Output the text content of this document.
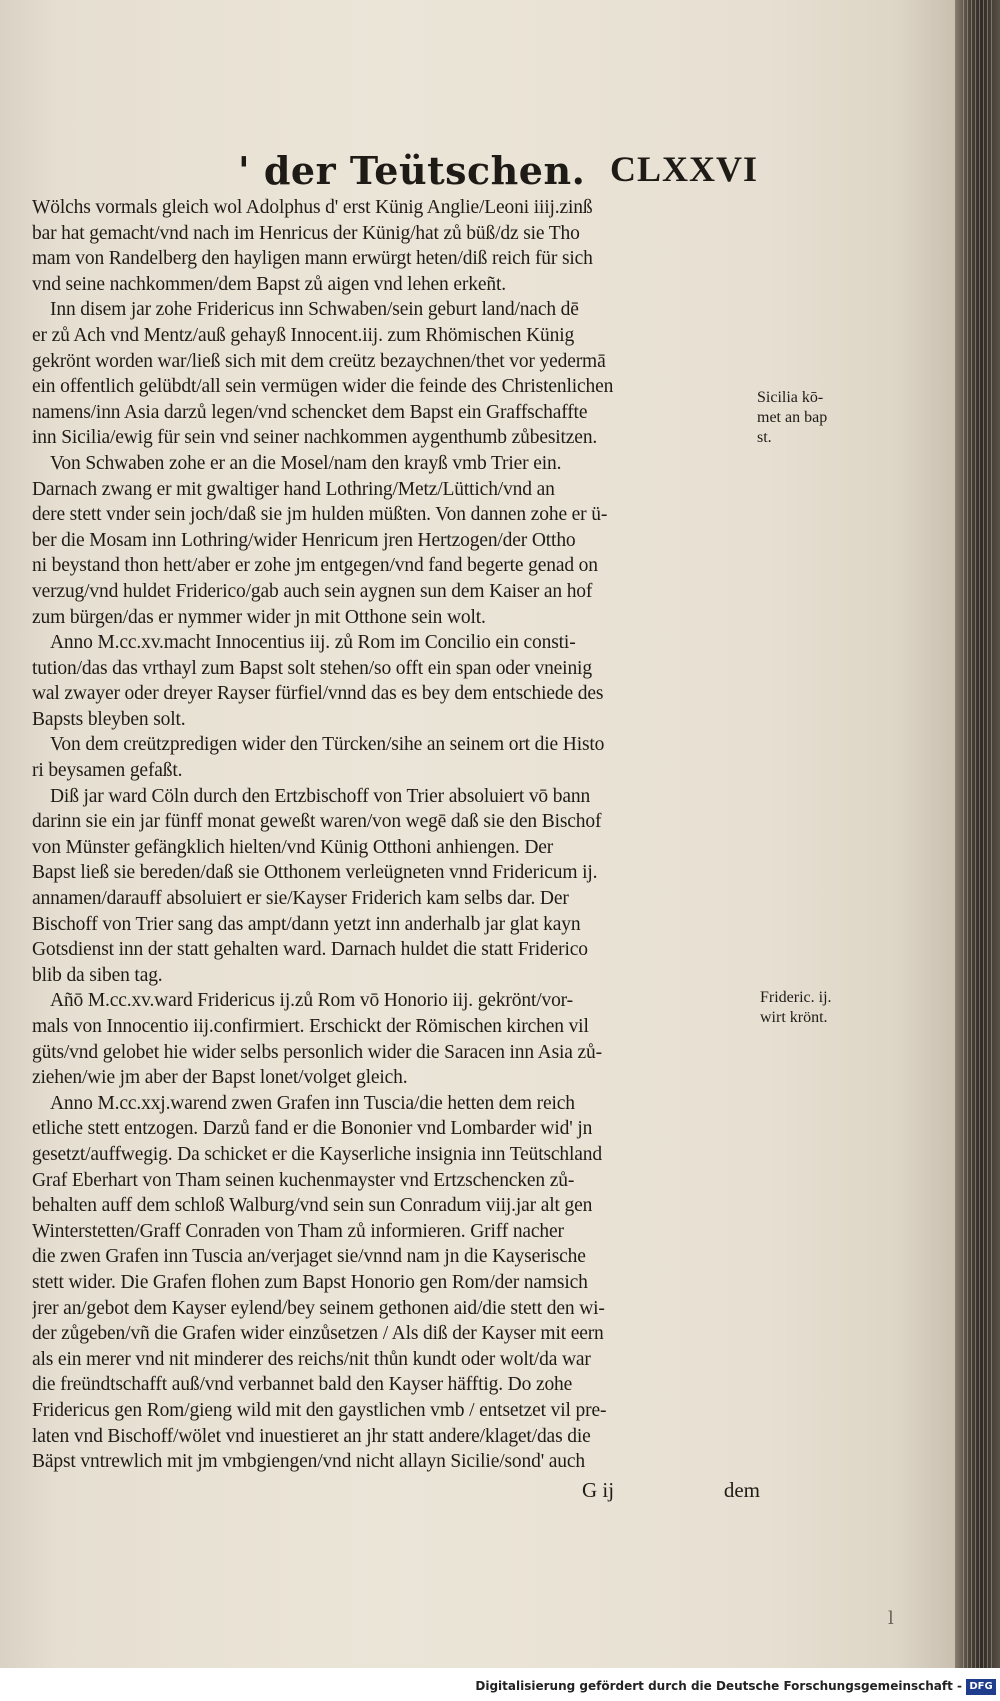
' der Teütschen. CLXXVI
Wölchs vormals gleich wol Adolphus d' erst Künig Anglie/Leoni iiij.zinß
bar hat gemacht/vnd nach im Henricus der Künig/hat zů büß/dz sie Tho
mam von Randelberg den hayligen mann erwürgt heten/diß reich für sich
vnd seine nachkommen/dem Bapst zů aigen vnd lehen erkeñt.
Inn disem jar zohe Fridericus inn Schwaben/sein geburt land/nach dē
er zů Ach vnd Mentz/auß gehayß Innocent.iij. zum Rhömischen Künig
gekrönt worden war/ließ sich mit dem creütz bezaychnen/thet vor yedermā
ein offentlich gelübdt/all sein vermügen wider die feinde des Christenlichen
namens/inn Asia darzů legen/vnd schencket dem Bapst ein Graffschaffte
inn Sicilia/ewig für sein vnd seiner nachkommen aygenthumb zůbesitzen.
Von Schwaben zohe er an die Mosel/nam den krayß vmb Trier ein.
Darnach zwang er mit gwaltiger hand Lothring/Metz/Lüttich/vnd an
dere stett vnder sein joch/daß sie jm hulden müßten. Von dannen zohe er ü-
ber die Mosam inn Lothring/wider Henricum jren Hertzogen/der Ottho
ni beystand thon hett/aber er zohe jm entgegen/vnd fand begerte genad on
verzug/vnd huldet Friderico/gab auch sein aygnen sun dem Kaiser an hof
zum bürgen/das er nymmer wider jn mit Otthone sein wolt.
Anno M.cc.xv.macht Innocentius iij. zů Rom im Concilio ein consti-
tution/das das vrthayl zum Bapst solt stehen/so offt ein span oder vneinig
wal zwayer oder dreyer Rayser fürfiel/vnnd das es bey dem entschiede des
Bapsts bleyben solt.
Von dem creützpredigen wider den Türcken/sihe an seinem ort die Histo
ri beysamen gefaßt.
Diß jar ward Cöln durch den Ertzbischoff von Trier absoluiert vō bann
darinn sie ein jar fünff monat geweßt waren/von wegē daß sie den Bischof
von Münster gefängklich hielten/vnd Künig Otthoni anhiengen. Der
Bapst ließ sie bereden/daß sie Otthonem verleügneten vnnd Fridericum ij.
annamen/darauff absoluiert er sie/Kayser Friderich kam selbs dar. Der
Bischoff von Trier sang das ampt/dann yetzt inn anderhalb jar glat kayn
Gotsdienst inn der statt gehalten ward. Darnach huldet die statt Friderico
blib da siben tag.
Añō M.cc.xv.ward Fridericus ij.zů Rom vō Honorio iij. gekrönt/vor-
mals von Innocentio iij.confirmiert. Erschickt der Römischen kirchen vil
güts/vnd gelobet hie wider selbs personlich wider die Saracen inn Asia zů-
ziehen/wie jm aber der Bapst lonet/volget gleich.
Anno M.cc.xxj.warend zwen Grafen inn Tuscia/die hetten dem reich
etliche stett entzogen. Darzů fand er die Bononier vnd Lombarder wid' jn
gesetzt/auffwegig. Da schicket er die Kayserliche insignia inn Teütschland
Graf Eberhart von Tham seinen kuchenmayster vnd Ertzschencken zů-
behalten auff dem schloß Walburg/vnd sein sun Conradum viij.jar alt gen
Winterstetten/Graff Conraden von Tham zů informieren. Griff nacher
die zwen Grafen inn Tuscia an/verjaget sie/vnnd nam jn die Kayserische
stett wider. Die Grafen flohen zum Bapst Honorio gen Rom/der namsich
jrer an/gebot dem Kayser eylend/bey seinem gethonen aid/die stett den wi-
der zůgeben/vñ die Grafen wider einzůsetzen / Als diß der Kayser mit eern
als ein merer vnd nit minderer des reichs/nit thůn kundt oder wolt/da war
die freündtschafft auß/vnd verbannet bald den Kayser häfftig. Do zohe
Fridericus gen Rom/gieng wild mit den gaystlichen vmb / entsetzet vil pre-
laten vnd Bischoff/wölet vnd inuestieret an jhr statt andere/klaget/das die
Bäpst vntrewlich mit jm vmbgiengen/vnd nicht allayn Sicilie/sond' auch
Sicilia kō-
met an bap
st.
Frideric. ij.
wirt krönt.
G ij	dem
l
Digitalisierung gefördert durch die Deutsche Forschungsgemeinschaft - DFG
